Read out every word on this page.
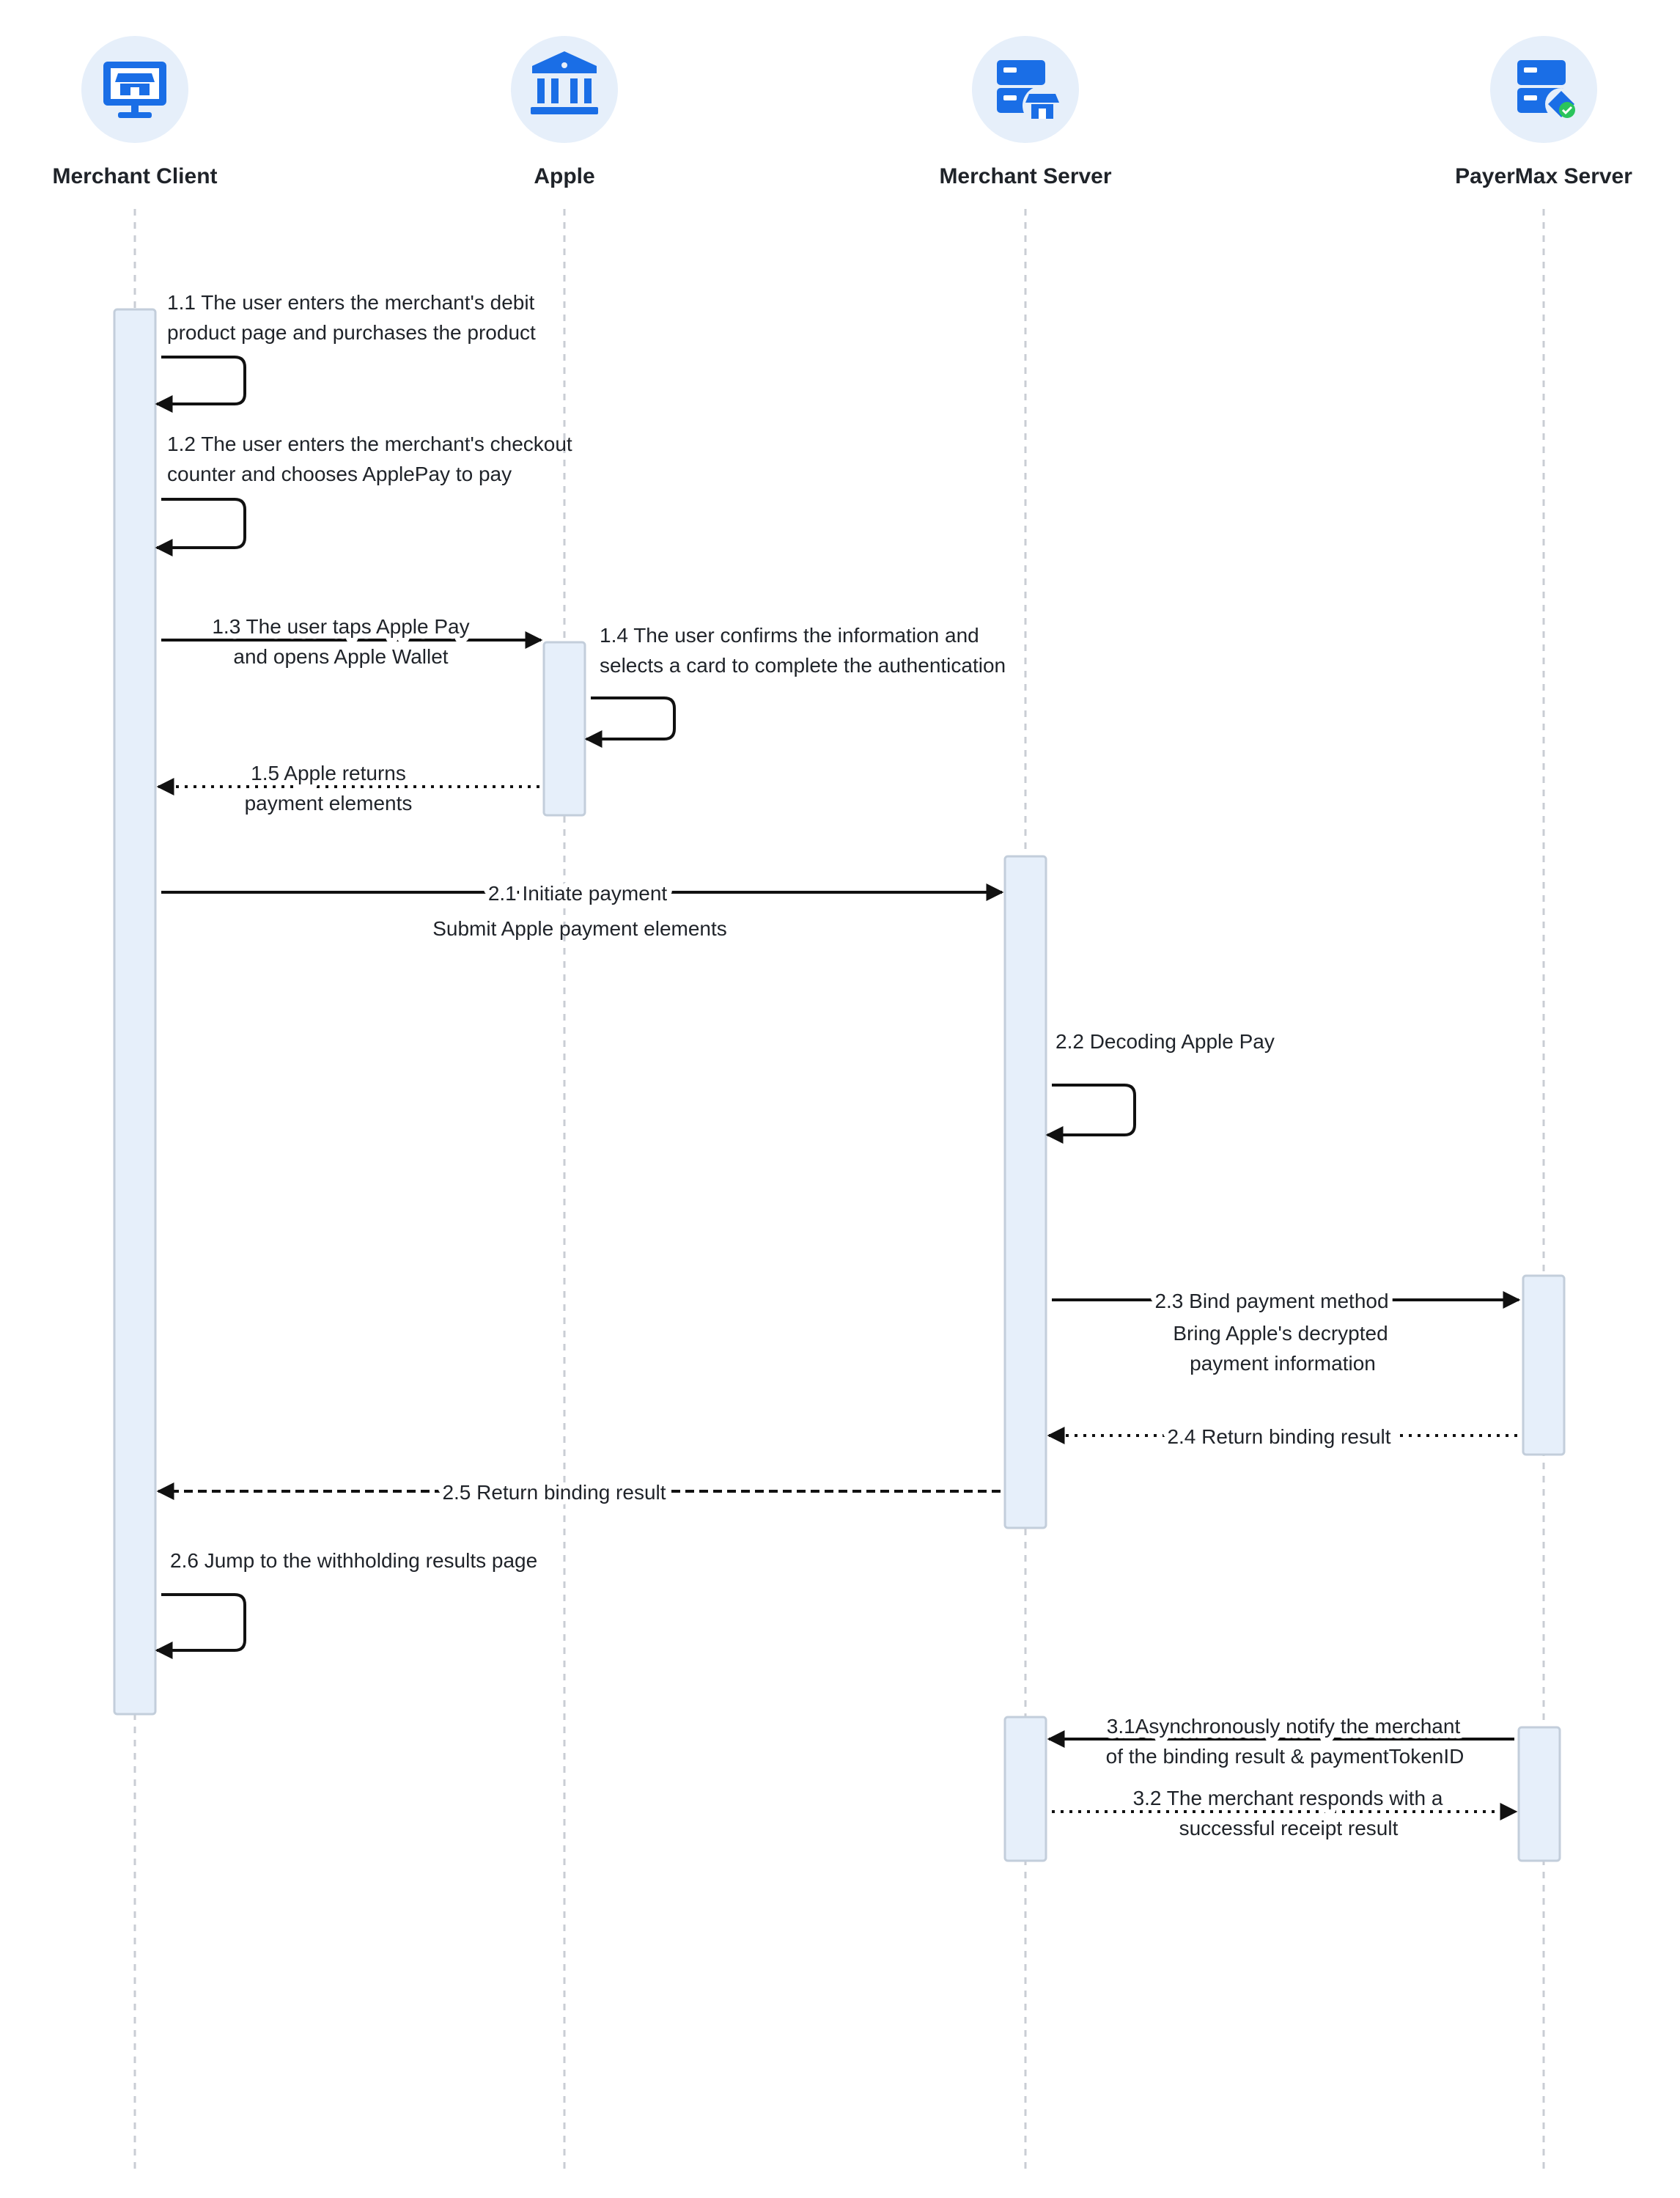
Merchant Client	Apple	Merchant Server	PayerMax Server
1.1 The user enters the merchant's debit
product page and purchases the product
1.2 The user enters the merchant's checkout
counter and chooses ApplePay to pay
1.3 The user taps Apple Pay
and opens Apple Wallet
1.4 The user confirms the information and
selects a card to complete the authentication
1.5 Apple returns
payment elements
2.1 Initiate payment
Submit Apple payment elements
2.2 Decoding Apple Pay
2.3 Bind payment method
Bring Apple's decrypted
payment information
2.4 Return binding result
2.5 Return binding result
2.6 Jump to the withholding results page
3.1Asynchronously notify the merchant
of the binding result & paymentTokenID
3.2 The merchant responds with a
successful receipt result
